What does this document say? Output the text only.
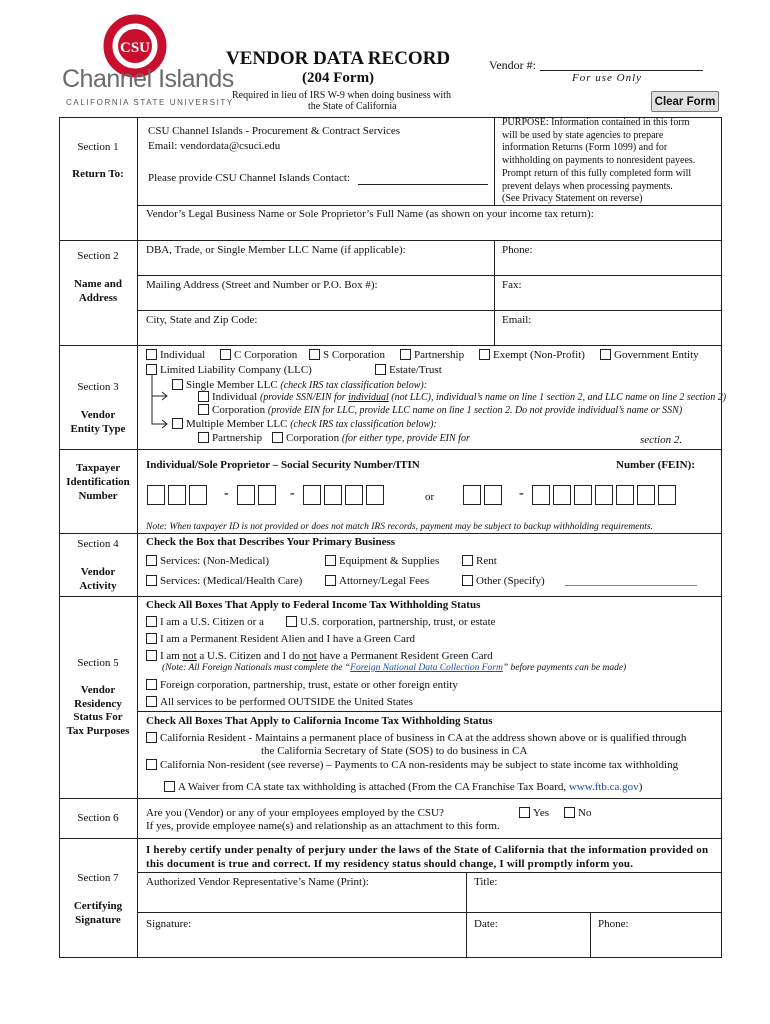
CSU
Channel Islands
CALIFORNIA STATE UNIVERSITY
VENDOR DATA RECORD
(204 Form)
Required in lieu of IRS W-9 when doing business with
the State of California
Vendor #:
For use Only
Clear Form
Section 1
Return To:
CSU Channel Islands - Procurement & Contract Services
Email: vendordata@csuci.edu
Please provide CSU Channel Islands Contact:
PURPOSE: Information contained in this form
will be used by state agencies to prepare
information Returns (Form 1099) and for
withholding on payments to nonresident payees.
Prompt return of this fully completed form will
prevent delays when processing payments.
(See Privacy Statement on reverse)
Vendor’s Legal Business Name or Sole Proprietor’s Full Name (as shown on your income tax return):
Section 2
Name and
Address
DBA, Trade, or Single Member LLC Name (if applicable):	Phone:
Mailing Address (Street and Number or P.O. Box #):	Fax:
City, State and Zip Code:	Email:
Section 3
Vendor
Entity Type
Individual	C Corporation	S Corporation	Partnership	Exempt (Non-Profit)	Government Entity
Limited Liability Company (LLC)	Estate/Trust
Single Member LLC (check IRS tax classification below):
Individual (provide SSN/EIN for individual (not LLC), individual’s name on line 1 section 2, and LLC name on line 2 section 2)
Corporation (provide EIN for LLC, provide LLC name on line 1 section 2. Do not provide individual’s name or SSN)
Multiple Member LLC (check IRS tax classification below):
Partnership	Corporation (for either type, provide EIN for	section 2.
Taxpayer
Identification
Number
Individual/Sole Proprietor – Social Security Number/ITIN	Number (FEIN):
-	-	or	-
Note: When taxpayer ID is not provided or does not match IRS records, payment may be subject to backup withholding requirements.
Section 4
Vendor
Activity
Check the Box that Describes Your Primary Business
Services: (Non-Medical)	Equipment & Supplies	Rent
Services: (Medical/Health Care)	Attorney/Legal Fees	Other (Specify) ________________________
Section 5
Vendor
Residency
Status For
Tax Purposes
Check All Boxes That Apply to Federal Income Tax Withholding Status
I am a U.S. Citizen or a	U.S. corporation, partnership, trust, or estate
I am a Permanent Resident Alien and I have a Green Card
I am not a U.S. Citizen and I do not have a Permanent Resident Green Card
(Note: All Foreign Nationals must complete the “Foreign National Data Collection Form” before payments can be made)
Foreign corporation, partnership, trust, estate or other foreign entity
All services to be performed OUTSIDE the United States
Check All Boxes That Apply to California Income Tax Withholding Status
California Resident - Maintains a permanent place of business in CA at the address shown above or is qualified through
the California Secretary of State (SOS) to do business in CA
California Non-resident (see reverse) – Payments to CA non-residents may be subject to state income tax withholding
A Waiver from CA state tax withholding is attached (From the CA Franchise Tax Board, www.ftb.ca.gov)
Section 6	Are you (Vendor) or any of your employees employed by the CSU?
If yes, provide employee name(s) and relationship as an attachment to this form.
Yes	No
Section 7
Certifying
Signature
I hereby certify under penalty of perjury under the laws of the State of California that the information provided on
this document is true and correct. If my residency status should change, I will promptly inform you.
Authorized Vendor Representative’s Name (Print):	Title:
Signature:	Date:	Phone:
